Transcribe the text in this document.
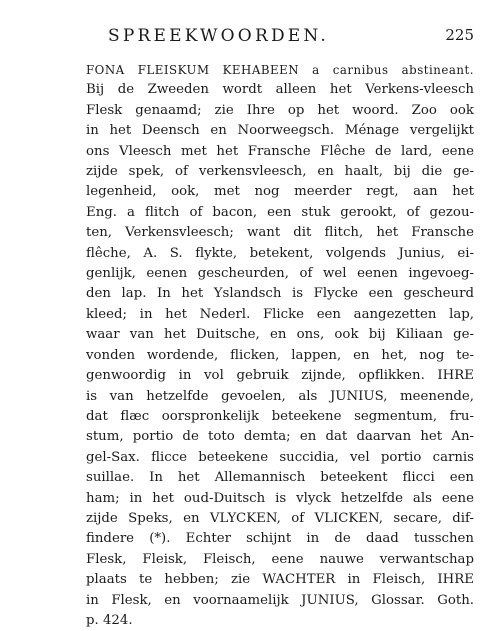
SPREEKWOORDEN.	225
FONA FLEISKUM KEHABEEN a carnibus abstineant.
Bij de Zweeden wordt alleen het Verkens-vleesch
Flesk genaamd; zie Ihre op het woord. Zoo ook
in het Deensch en Noorweegsch. Ménage vergelijkt
ons Vleesch met het Fransche Flêche de lard, eene
zijde spek, of verkensvleesch, en haalt, bij die ge-
legenheid, ook, met nog meerder regt, aan het
Eng. a flitch of bacon, een stuk gerookt, of gezou-
ten, Verkensvleesch; want dit flitch, het Fransche
flêche, A. S. flykte, betekent, volgends Junius, ei-
genlijk, eenen gescheurden, of wel eenen ingevoeg-
den lap. In het Yslandsch is Flycke een gescheurd
kleed; in het Nederl. Flicke een aangezetten lap,
waar van het Duitsche, en ons, ook bij Kiliaan ge-
vonden wordende, flicken, lappen, en het, nog te-
genwoordig in vol gebruik zijnde, opflikken. IHRE
is van hetzelfde gevoelen, als JUNIUS, meenende,
dat flæc oorspronkelijk beteekene segmentum, fru-
stum, portio de toto demta; en dat daarvan het An-
gel-Sax. flicce beteekene succidia, vel portio carnis
suillae. In het Allemannisch beteekent flicci een
ham; in het oud-Duitsch is vlyck hetzelfde als eene
zijde Speks, en VLYCKEN, of VLICKEN, secare, dif-
findere (*). Echter schijnt in de daad tusschen
Flesk, Fleisk, Fleisch, eene nauwe verwantschap
plaats te hebben; zie WACHTER in Fleisch, IHRE
in Flesk, en voornaamelijk JUNIUS, Glossar. Goth.
p. 424.
